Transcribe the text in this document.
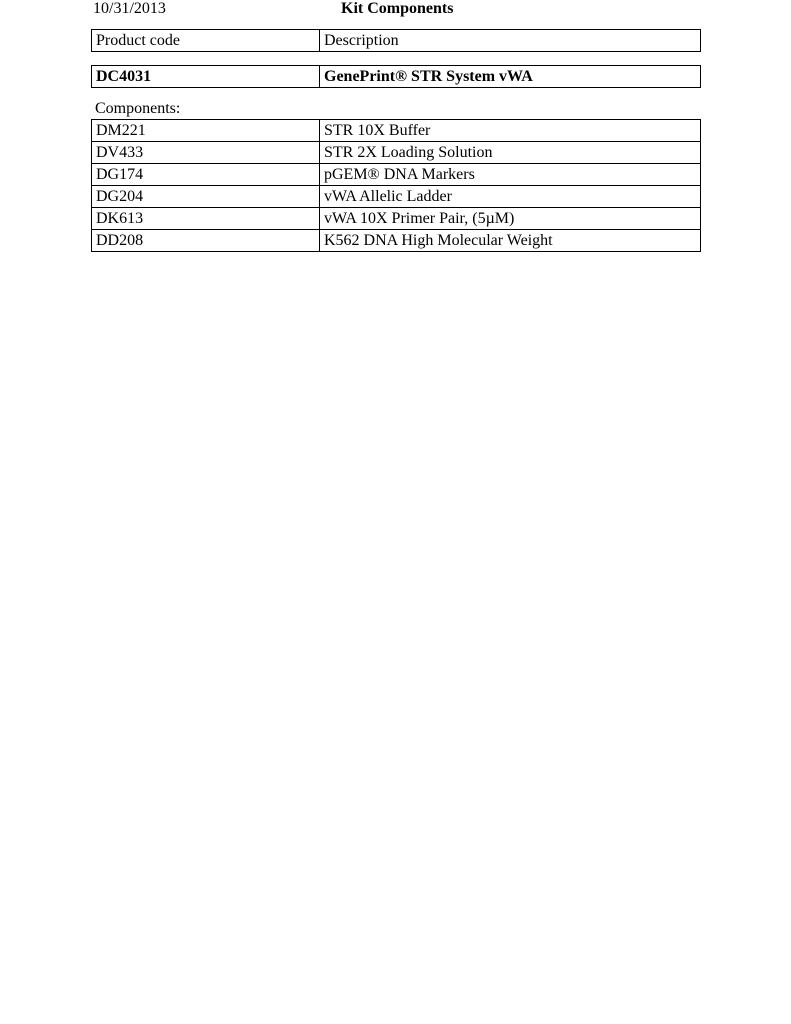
10/31/2013	Kit Components
Product code	Description
DC4031	GenePrint® STR System vWA
Components:
DM221	STR 10X Buffer
DV433	STR 2X Loading Solution
DG174	pGEM® DNA Markers
DG204	vWA Allelic Ladder
DK613	vWA 10X Primer Pair, (5µM)
DD208	K562 DNA High Molecular Weight
